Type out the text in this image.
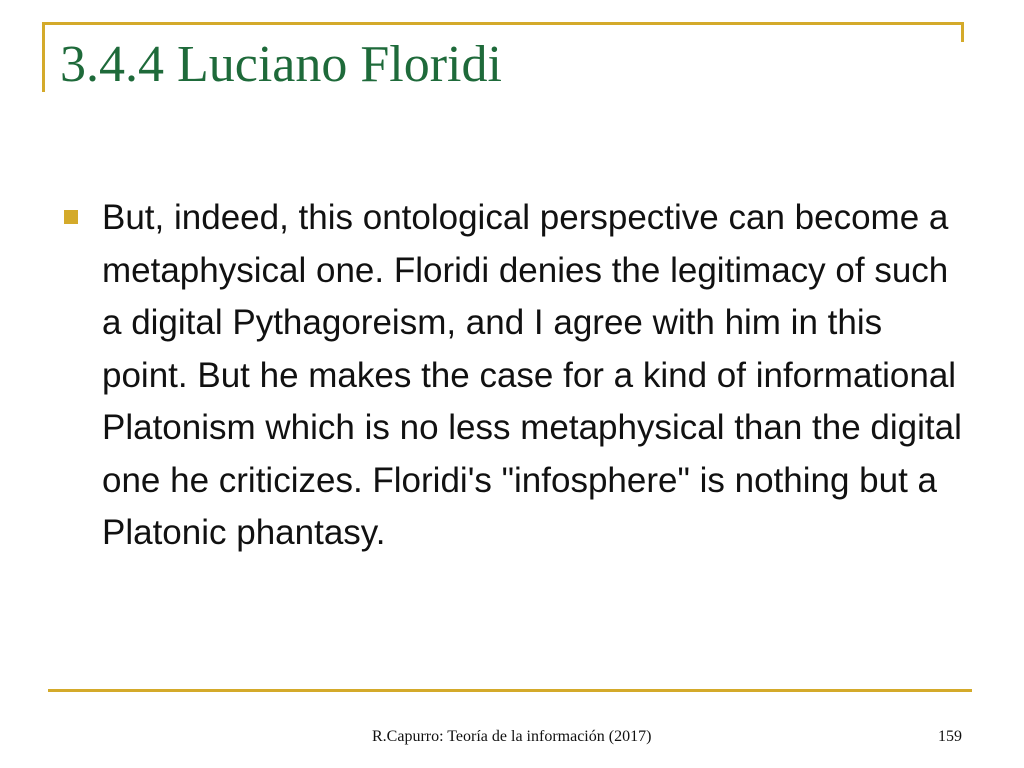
3.4.4 Luciano Floridi
But, indeed, this ontological perspective can become a metaphysical one. Floridi denies the legitimacy of such a digital Pythagoreism, and I agree with him in this point. But he makes the case for a kind of informational Platonism which is no less metaphysical than the digital one he criticizes. Floridi's "infosphere" is nothing but a Platonic phantasy.
R.Capurro: Teoría de la información (2017)	159
